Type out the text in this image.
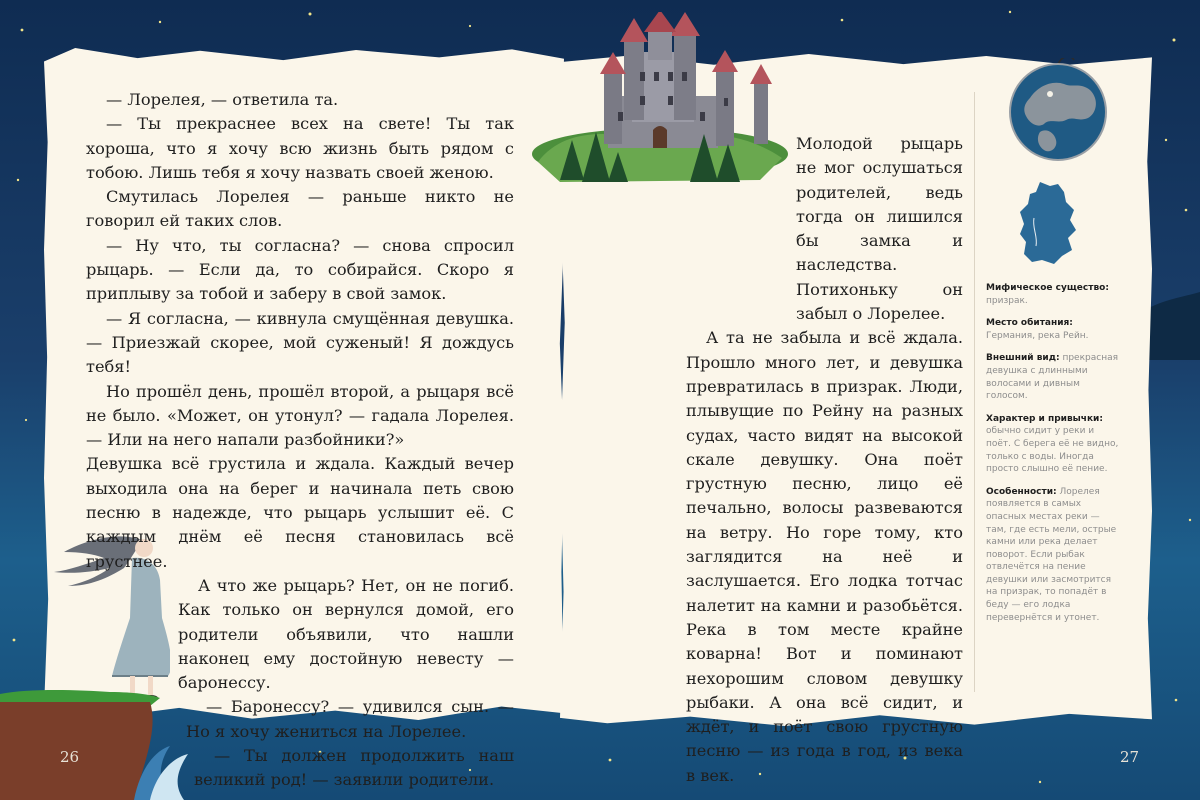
— Лорелея, — ответила та.

— Ты прекраснее всех на свете! Ты так хороша, что я хочу всю жизнь быть рядом с тобою. Лишь тебя я хочу назвать своей женою.

Смутилась Лорелея — раньше никто не говорил ей таких слов.

— Ну что, ты согласна? — снова спросил рыцарь. — Если да, то собирайся. Скоро я приплыву за тобой и заберу в свой замок.

— Я согласна, — кивнула смущённая девушка. — Приезжай скорее, мой суженый! Я дождусь тебя!

Но прошёл день, прошёл второй, а рыцаря всё не было. «Может, он утонул? — гадала Лорелея. — Или на него напали разбойники?»

Девушка всё грустила и ждала. Каждый вечер выходила она на берег и начинала петь свою песню в надежде, что рыцарь услышит её. С каждым днём её песня становилась всё грустнее.

А что же рыцарь? Нет, он не погиб. Как только он вернулся домой, его родители объявили, что нашли наконец ему достойную невесту — баронессу.

— Баронессу? — удивился сын. — Но я хочу жениться на Лорелее.

— Ты должен продолжить наш великий род! — заявили родители.

Молодой рыцарь не мог ослушаться родителей, ведь тогда он лишился бы замка и наследства. Потихоньку он забыл о Лорелее.

А та не забыла и всё ждала. Прошло много лет, и девушка превратилась в призрак. Люди, плывущие по Рейну на разных судах, часто видят на высокой скале девушку. Она поёт грустную песню, лицо её печально, волосы развеваются на ветру. Но горе тому, кто заглядится на неё и заслушается. Его лодка тотчас налетит на камни и разобьётся. Река в том месте крайне коварна! Вот и поминают нехорошим словом девушку рыбаки. А она всё сидит, и ждёт, и поёт свою грустную песню — из года в год, из века в век.

Мифическое существо: призрак.
Место обитания: Германия, река Рейн.
Внешний вид: прекрасная девушка с длинными волосами и дивным голосом.
Характер и привычки: обычно сидит у реки и поёт. С берега её не видно, только с воды. Иногда просто слышно её пение.
Особенности: Лорелея появляется в самых опасных местах реки — там, где есть мели, острые камни или река делает поворот. Если рыбак отвлечётся на пение девушки или засмотрится на призрак, то попадёт в беду — его лодка перевернётся и утонет.
26	27
